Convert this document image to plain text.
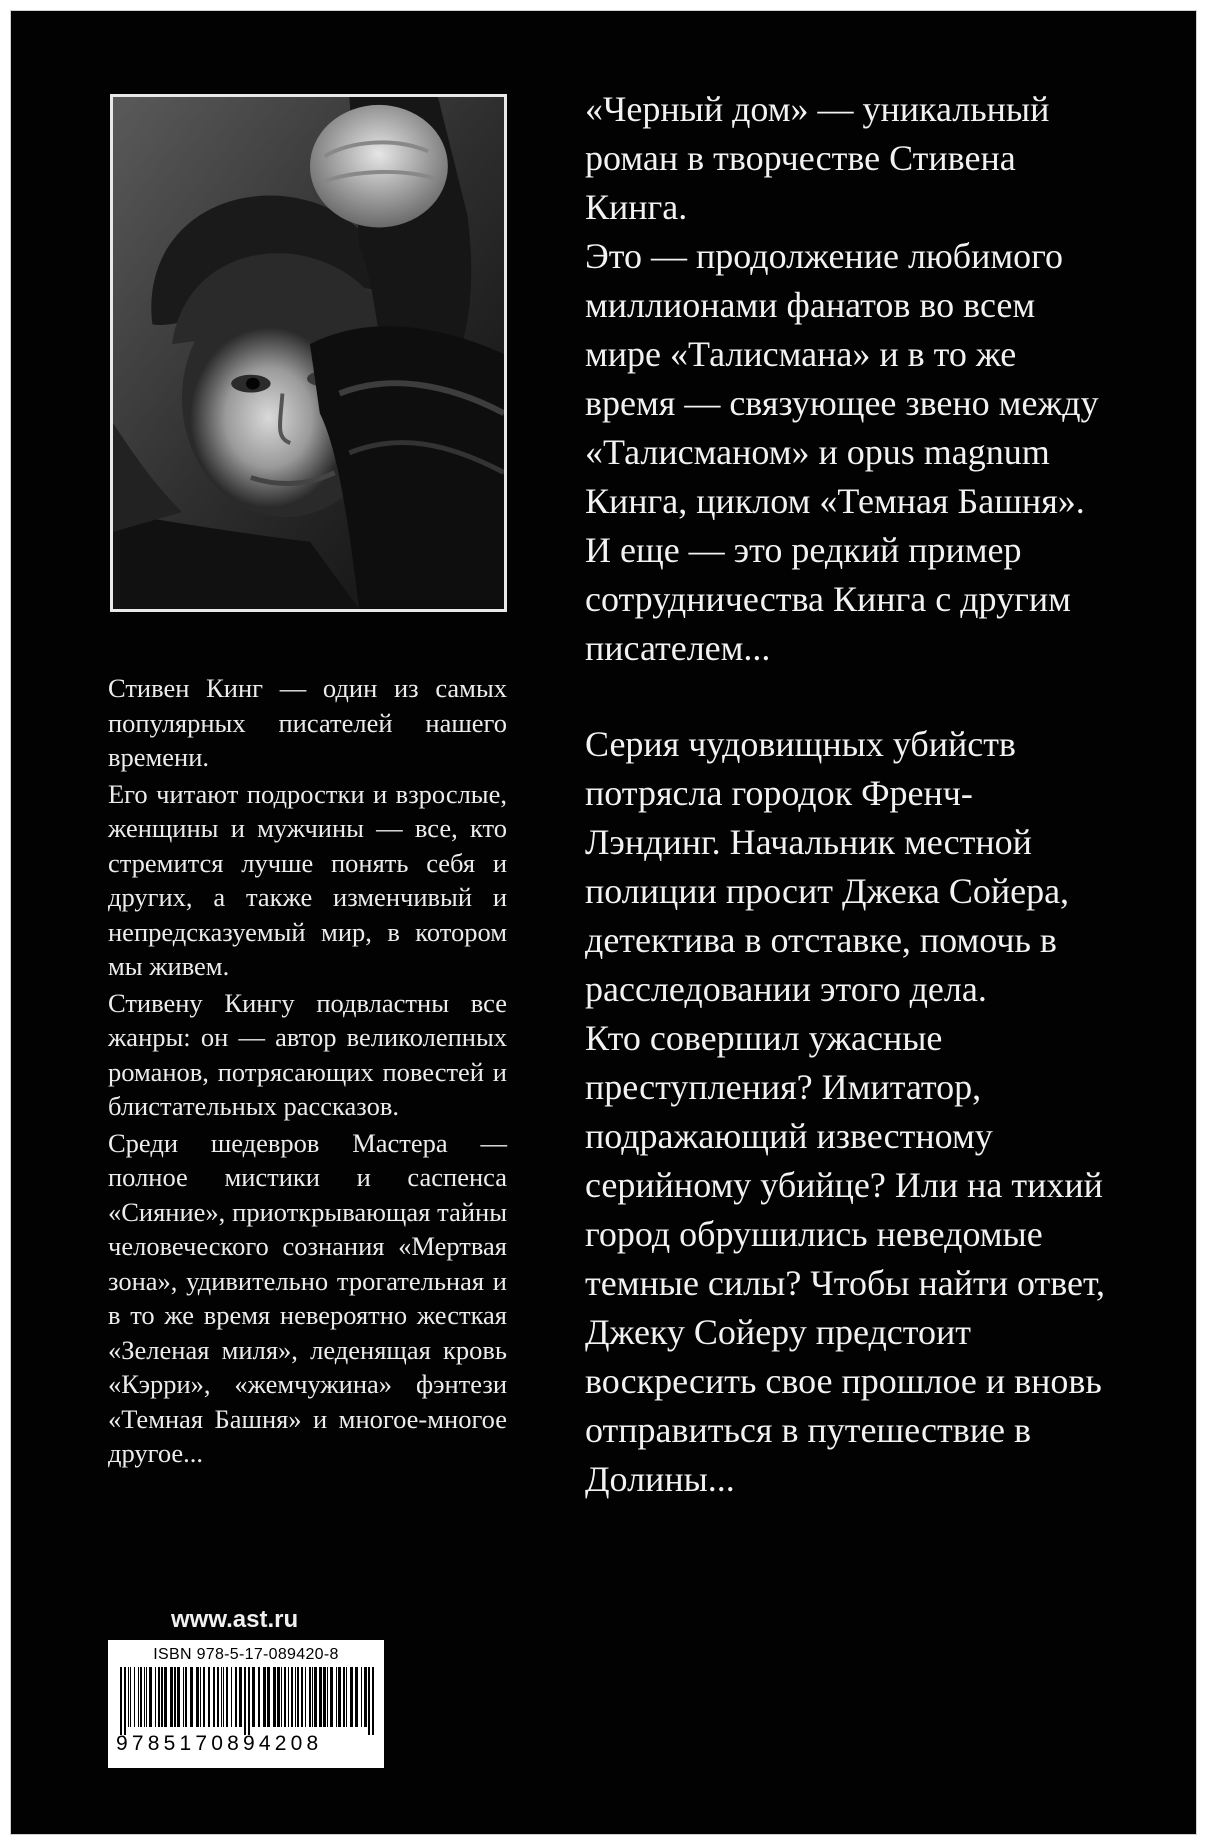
Стивен Кинг — один из самых популярных писателей нашего времени.

Его читают подростки и взрослые, женщины и мужчины — все, кто стремится лучше понять себя и других, а также изменчивый и непредсказуемый мир, в котором мы живем.

Стивену Кингу подвластны все жанры: он — автор великолепных романов, потрясающих повестей и блистательных рассказов.

Среди шедевров Мастера — полное мистики и саспенса «Сияние», приоткрывающая тайны человеческого сознания «Мертвая зона», удивительно трогательная и в то же время невероятно жесткая «Зеленая миля», леденящая кровь «Кэрри», «жемчужина» фэнтези «Темная Башня» и многое-многое другое...

www.ast.ru
ISBN 978-5-17-089420-8
9785170894208

«Черный дом» — уникальный роман в творчестве Стивена Кинга.

Это — продолжение любимого миллионами фанатов во всем мире «Талисмана» и в то же время — связующее звено между «Талисманом» и opus magnum Кинга, циклом «Темная Башня».

И еще — это редкий пример сотрудничества Кинга с другим писателем...

Серия чудовищных убийств потрясла городок Френч-Лэндинг. Начальник местной полиции просит Джека Сойера, детектива в отставке, помочь в расследовании этого дела.

Кто совершил ужасные преступления? Имитатор, подражающий известному серийному убийце? Или на тихий город обрушились неведомые темные силы? Чтобы найти ответ, Джеку Сойеру предстоит воскресить свое прошлое и вновь отправиться в путешествие в Долины...
